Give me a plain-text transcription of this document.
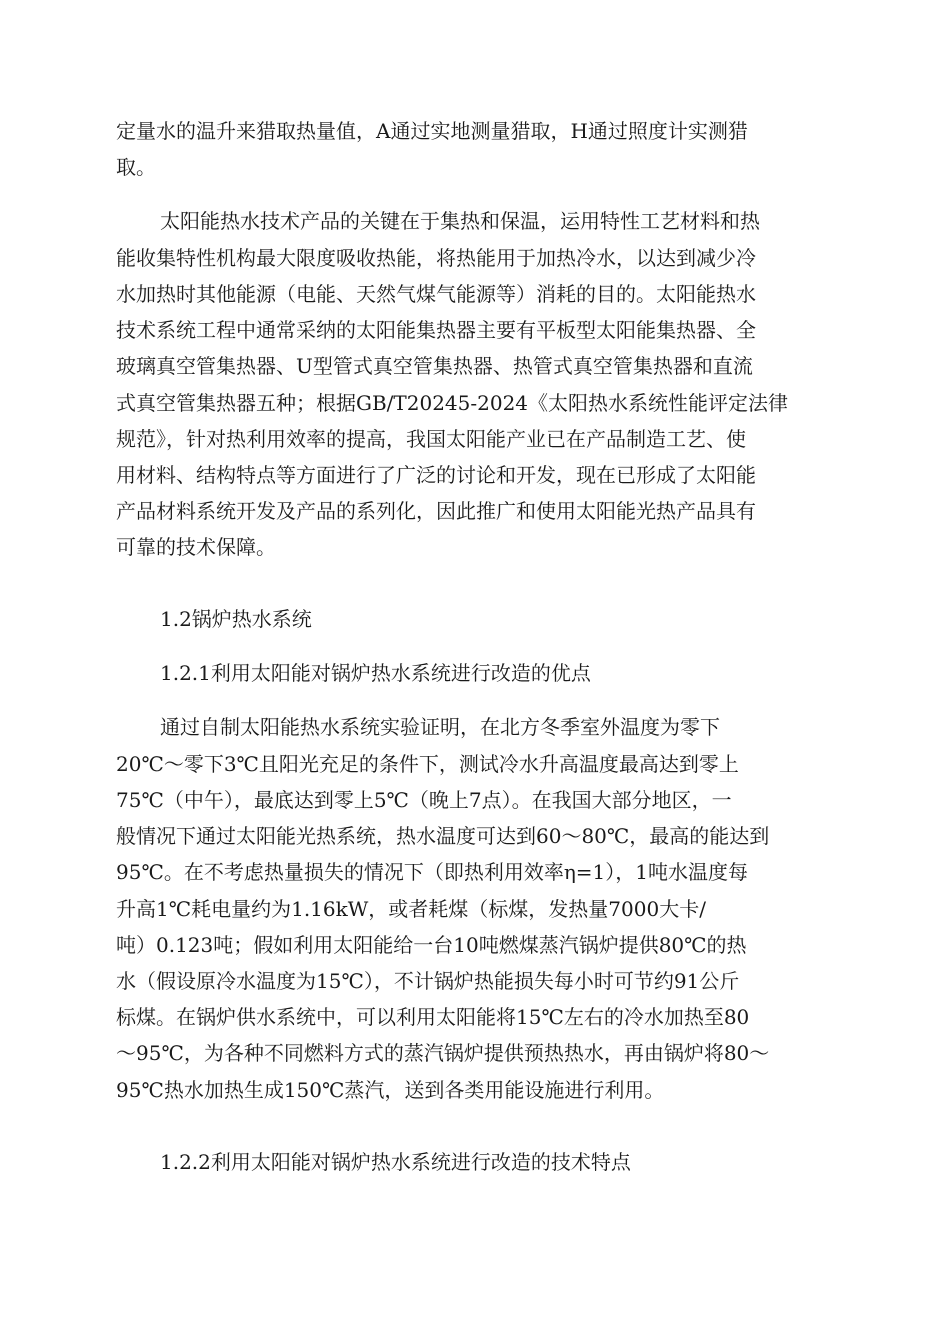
定量水的温升来猎取热量值，A通过实地测量猎取，H通过照度计实测猎
取。
太阳能热水技术产品的关键在于集热和保温，运用特性工艺材料和热
能收集特性机构最大限度吸收热能，将热能用于加热冷水，以达到减少冷
水加热时其他能源（电能、天然气煤气能源等）消耗的目的。太阳能热水
技术系统工程中通常采纳的太阳能集热器主要有平板型太阳能集热器、全
玻璃真空管集热器、U型管式真空管集热器、热管式真空管集热器和直流
式真空管集热器五种；根据GB/T20245-2024《太阳热水系统性能评定法律
规范》，针对热利用效率的提高，我国太阳能产业已在产品制造工艺、使
用材料、结构特点等方面进行了广泛的讨论和开发，现在已形成了太阳能
产品材料系统开发及产品的系列化，因此推广和使用太阳能光热产品具有
可靠的技术保障。
1.2锅炉热水系统
1.2.1利用太阳能对锅炉热水系统进行改造的优点
通过自制太阳能热水系统实验证明，在北方冬季室外温度为零下
20℃～零下3℃且阳光充足的条件下，测试冷水升高温度最高达到零上
75℃（中午），最底达到零上5℃（晚上7点）。在我国大部分地区，一
般情况下通过太阳能光热系统，热水温度可达到60～80℃，最高的能达到
95℃。在不考虑热量损失的情况下（即热利用效率η=1），1吨水温度每
升高1℃耗电量约为1.16kW，或者耗煤（标煤，发热量7000大卡/
吨）0.123吨；假如利用太阳能给一台10吨燃煤蒸汽锅炉提供80℃的热
水（假设原冷水温度为15℃），不计锅炉热能损失每小时可节约91公斤
标煤。在锅炉供水系统中，可以利用太阳能将15℃左右的冷水加热至80
～95℃，为各种不同燃料方式的蒸汽锅炉提供预热热水，再由锅炉将80～
95℃热水加热生成150℃蒸汽，送到各类用能设施进行利用。
1.2.2利用太阳能对锅炉热水系统进行改造的技术特点
